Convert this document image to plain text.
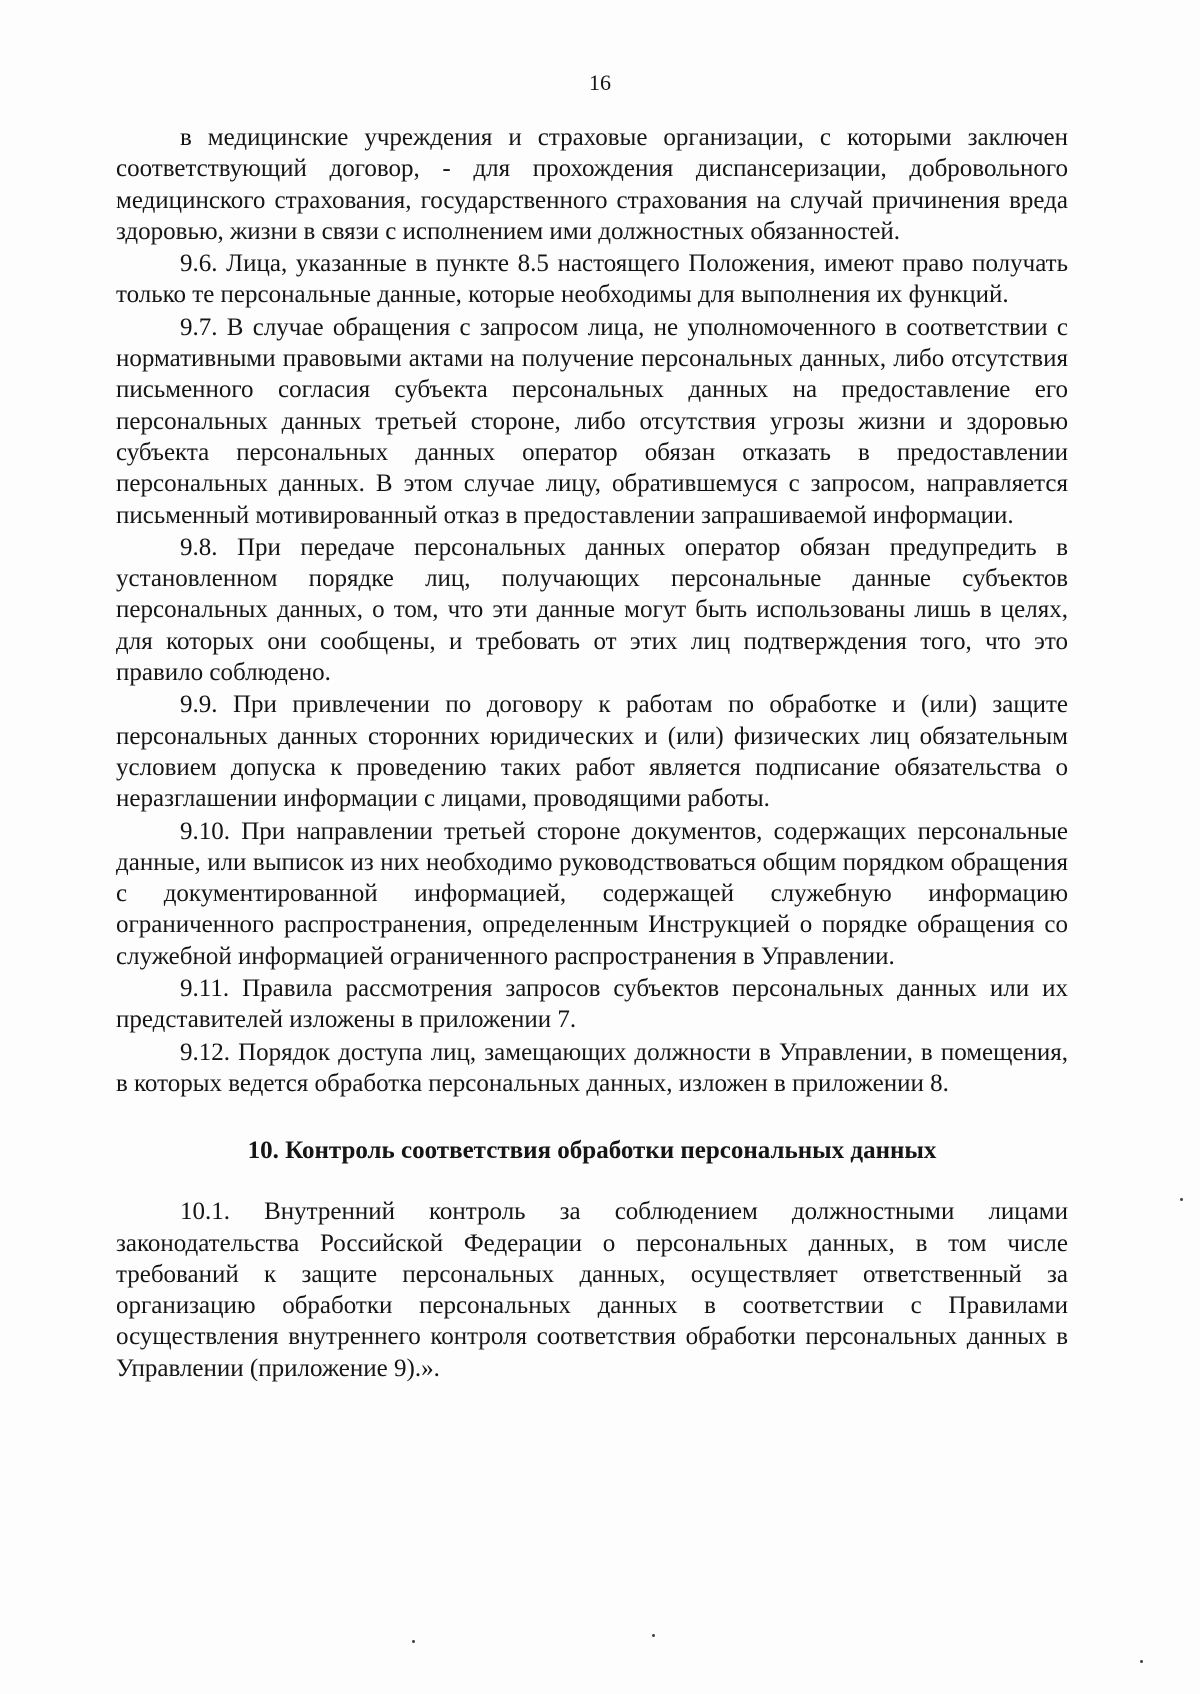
16

в медицинские учреждения и страховые организации, с которыми заключен соответствующий договор, - для прохождения диспансеризации, добровольного медицинского страхования, государственного страхования на случай причинения вреда здоровью, жизни в связи с исполнением ими должностных обязанностей.

9.6. Лица, указанные в пункте 8.5 настоящего Положения, имеют право получать только те персональные данные, которые необходимы для выполнения их функций.

9.7. В случае обращения с запросом лица, не уполномоченного в соответствии с нормативными правовыми актами на получение персональных данных, либо отсутствия письменного согласия субъекта персональных данных на предоставление его персональных данных третьей стороне, либо отсутствия угрозы жизни и здоровью субъекта персональных данных оператор обязан отказать в предоставлении персональных данных. В этом случае лицу, обратившемуся с запросом, направляется письменный мотивированный отказ в предоставлении запрашиваемой информации.

9.8. При передаче персональных данных оператор обязан предупредить в установленном порядке лиц, получающих персональные данные субъектов персональных данных, о том, что эти данные могут быть использованы лишь в целях, для которых они сообщены, и требовать от этих лиц подтверждения того, что это правило соблюдено.

9.9. При привлечении по договору к работам по обработке и (или) защите персональных данных сторонних юридических и (или) физических лиц обязательным условием допуска к проведению таких работ является подписание обязательства о неразглашении информации с лицами, проводящими работы.

9.10. При направлении третьей стороне документов, содержащих персональные данные, или выписок из них необходимо руководствоваться общим порядком обращения с документированной информацией, содержащей служебную информацию ограниченного распространения, определенным Инструкцией о порядке обращения со служебной информацией ограниченного распространения в Управлении.

9.11. Правила рассмотрения запросов субъектов персональных данных или их представителей изложены в приложении 7.

9.12. Порядок доступа лиц, замещающих должности в Управлении, в помещения, в которых ведется обработка персональных данных, изложен в приложении 8.

10. Контроль соответствия обработки персональных данных

10.1. Внутренний контроль за соблюдением должностными лицами законодательства Российской Федерации о персональных данных, в том числе требований к защите персональных данных, осуществляет ответственный за организацию обработки персональных данных в соответствии с Правилами осуществления внутреннего контроля соответствия обработки персональных данных в Управлении (приложение 9).».
